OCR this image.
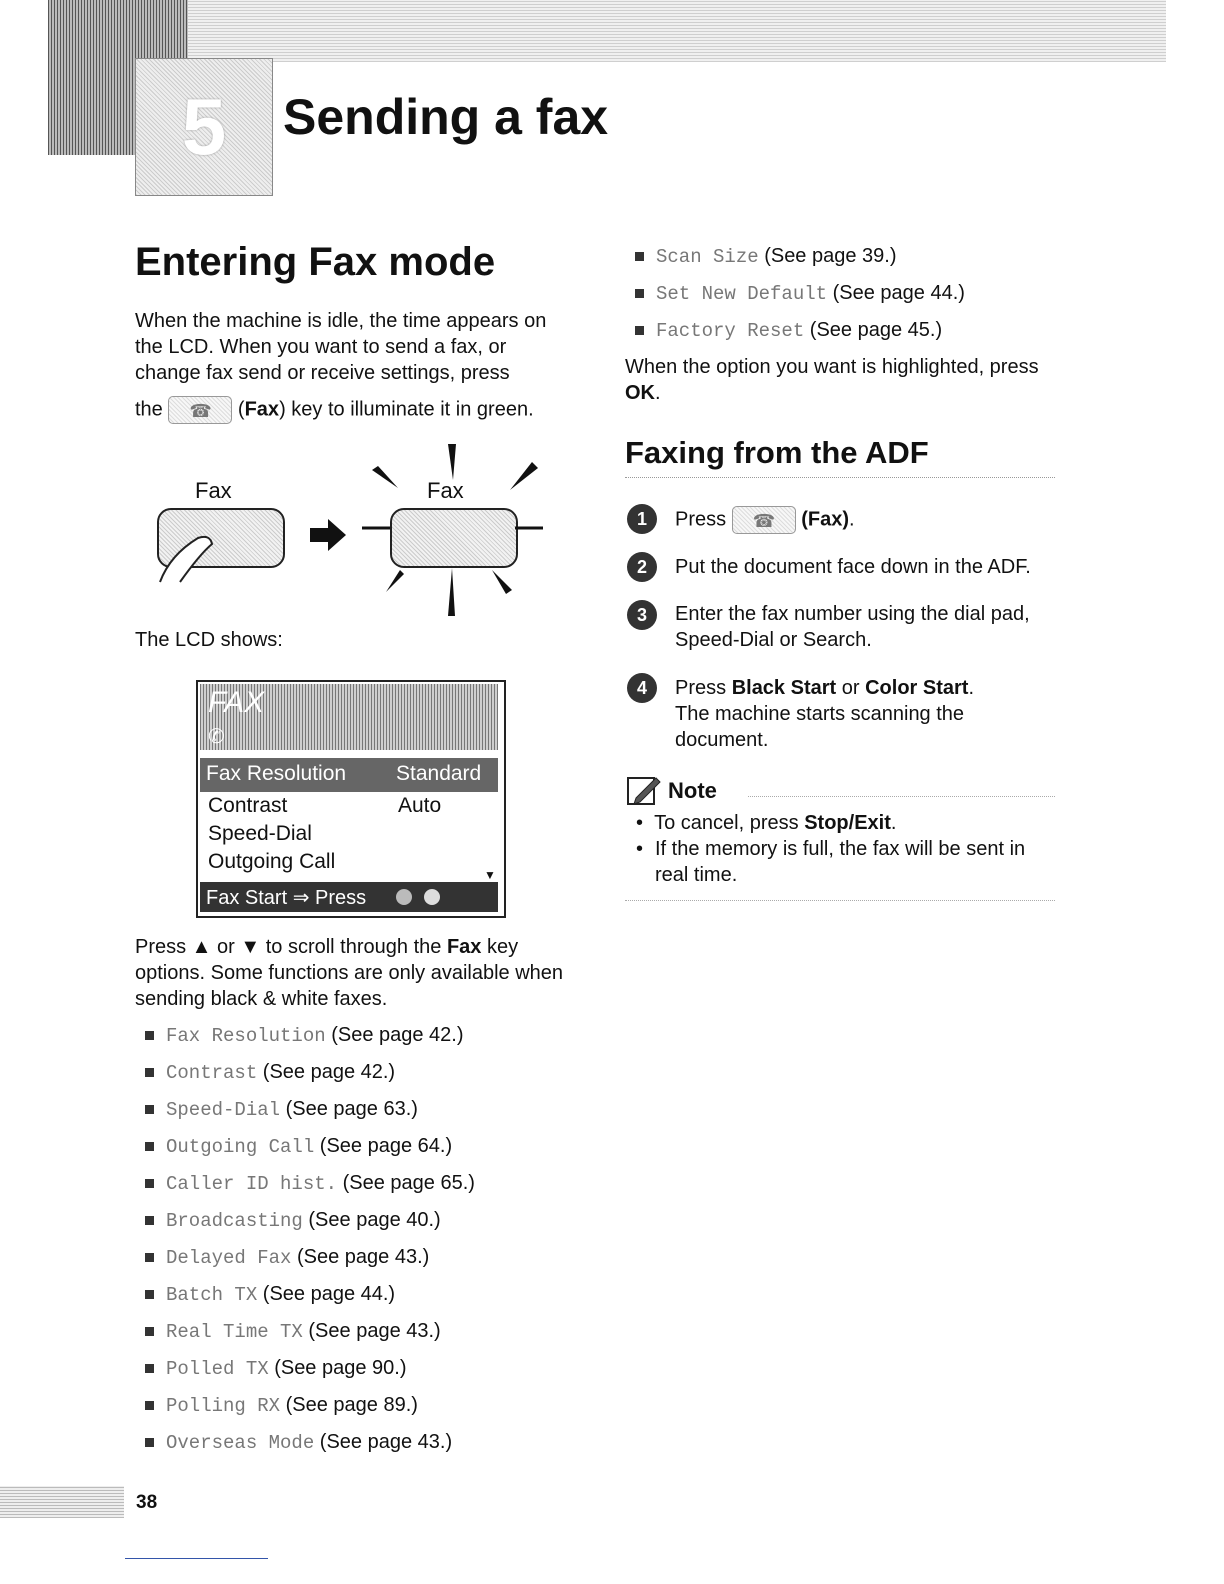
5 Sending a fax
Entering Fax mode
When the machine is idle, the time appears on the LCD. When you want to send a fax, or change fax send or receive settings, press
the ☎	(Fax) key to illuminate it in green.
Fax	Fax
The LCD shows:
FAX
✆
Fax Resolution Standard
Contrast	Auto
Speed-Dial
Outgoing Call
▼
Fax Start ⇒ Press
Press ▲ or ▼ to scroll through the Fax key options. Some functions are only available when sending black & white faxes.
Fax Resolution (See page 42.)
Contrast (See page 42.)
Speed-Dial (See page 63.)
Outgoing Call (See page 64.)
Caller ID hist. (See page 65.)
Broadcasting (See page 40.)
Delayed Fax (See page 43.)
Batch TX (See page 44.)
Real Time TX (See page 43.)
Polled TX (See page 90.)
Polling RX (See page 89.)
Overseas Mode (See page 43.)
Scan Size (See page 39.)
Set New Default (See page 44.)
Factory Reset (See page 45.)
When the option you want is highlighted, press OK.
Faxing from the ADF
1	Press ☎	(Fax).
2	Put the document face down in the ADF.
3	Enter the fax number using the dial pad, Speed-Dial or Search.
4	Press Black Start or Color Start.
The machine starts scanning the document.
Note
•  To cancel, press Stop/Exit.
• If the memory is full, the fax will be sent in real time.
38
